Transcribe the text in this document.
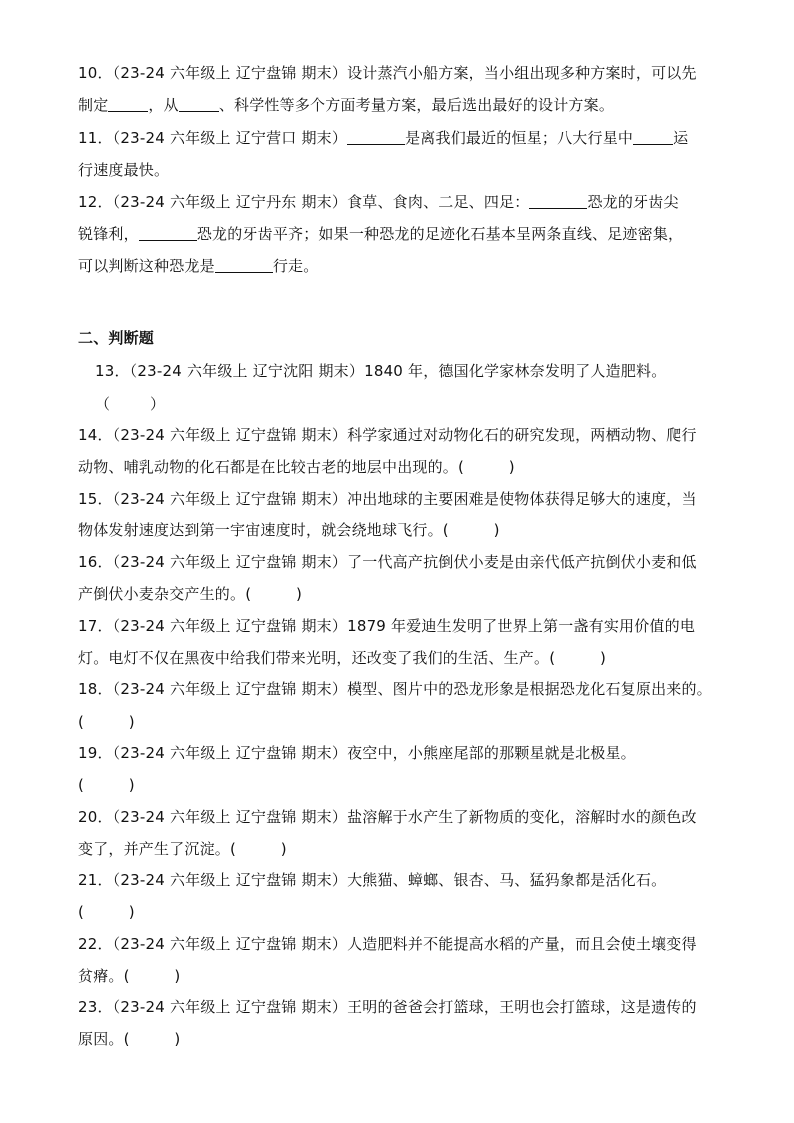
10．（23-24 六年级上 辽宁盘锦 期末）设计蒸汽小船方案，当小组出现多种方案时，可以先
制定	，从	、科学性等多个方面考量方案，最后选出最好的设计方案。
11．（23-24 六年级上 辽宁营口 期末）	是离我们最近的恒星；八大行星中	运
行速度最快。
12．（23-24 六年级上 辽宁丹东 期末）食草、食肉、二足、四足：	恐龙的牙齿尖
锐锋利，	恐龙的牙齿平齐；如果一种恐龙的足迹化石基本呈两条直线、足迹密集，
可以判断这种恐龙是	行走。
二、判断题
13．（23-24 六年级上 辽宁沈阳 期末）1840 年，德国化学家林奈发明了人造肥料。
（        ）
14．（23-24 六年级上 辽宁盘锦 期末）科学家通过对动物化石的研究发现，两栖动物、爬行
动物、哺乳动物的化石都是在比较古老的地层中出现的。(         )
15．（23-24 六年级上 辽宁盘锦 期末）冲出地球的主要困难是使物体获得足够大的速度，当
物体发射速度达到第一宇宙速度时，就会绕地球飞行。(         )
16．（23-24 六年级上 辽宁盘锦 期末）了一代高产抗倒伏小麦是由亲代低产抗倒伏小麦和低
产倒伏小麦杂交产生的。(         )
17．（23-24 六年级上 辽宁盘锦 期末）1879 年爱迪生发明了世界上第一盏有实用价值的电
灯。电灯不仅在黑夜中给我们带来光明，还改变了我们的生活、生产。(         )
18．（23-24 六年级上 辽宁盘锦 期末）模型、图片中的恐龙形象是根据恐龙化石复原出来的。
(         )
19．（23-24 六年级上 辽宁盘锦 期末）夜空中，小熊座尾部的那颗星就是北极星。
(         )
20．（23-24 六年级上 辽宁盘锦 期末）盐溶解于水产生了新物质的变化，溶解时水的颜色改
变了，并产生了沉淀。(         )
21．（23-24 六年级上 辽宁盘锦 期末）大熊猫、蟑螂、银杏、马、猛犸象都是活化石。
(         )
22．（23-24 六年级上 辽宁盘锦 期末）人造肥料并不能提高水稻的产量，而且会使土壤变得
贫瘠。(         )
23．（23-24 六年级上 辽宁盘锦 期末）王明的爸爸会打篮球，王明也会打篮球，这是遗传的
原因。(         )
